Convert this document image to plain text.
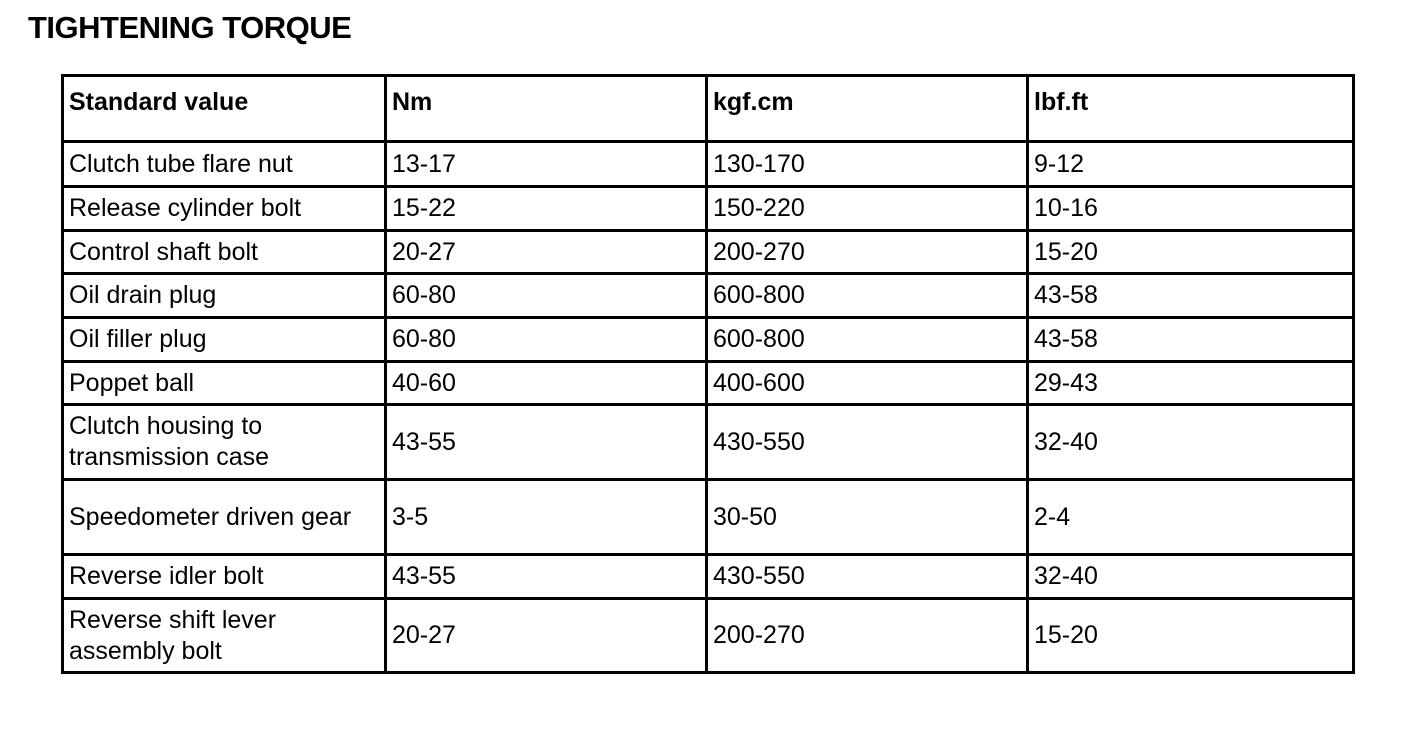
TIGHTENING TORQUE
Standard value	Nm	kgf.cm	lbf.ft
Clutch tube flare nut	13-17	130-170	9-12
Release cylinder bolt	15-22	150-220	10-16
Control shaft bolt	20-27	200-270	15-20
Oil drain plug	60-80	600-800	43-58
Oil filler plug	60-80	600-800	43-58
Poppet ball	40-60	400-600	29-43
Clutch housing to transmission case	43-55	430-550	32-40
Speedometer driven gear	3-5	30-50	2-4
Reverse idler bolt	43-55	430-550	32-40
Reverse shift lever assembly bolt	20-27	200-270	15-20
